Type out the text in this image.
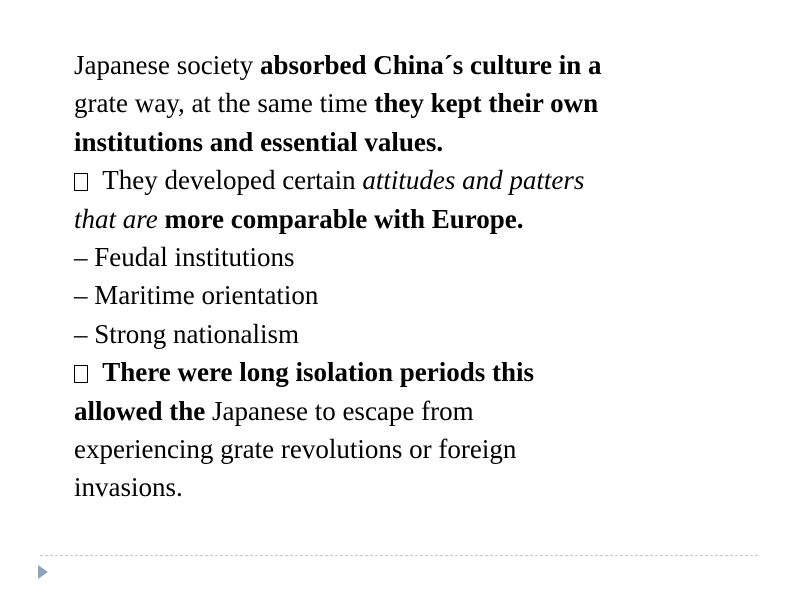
Japanese society absorbed China´s culture in a
grate way, at the same time they kept their own
institutions and essential values.
They developed certain attitudes and patters
that are more comparable with Europe.
– Feudal institutions
– Maritime orientation
– Strong nationalism
There were long isolation periods this
allowed the Japanese to escape from
experiencing grate revolutions or foreign
invasions.
